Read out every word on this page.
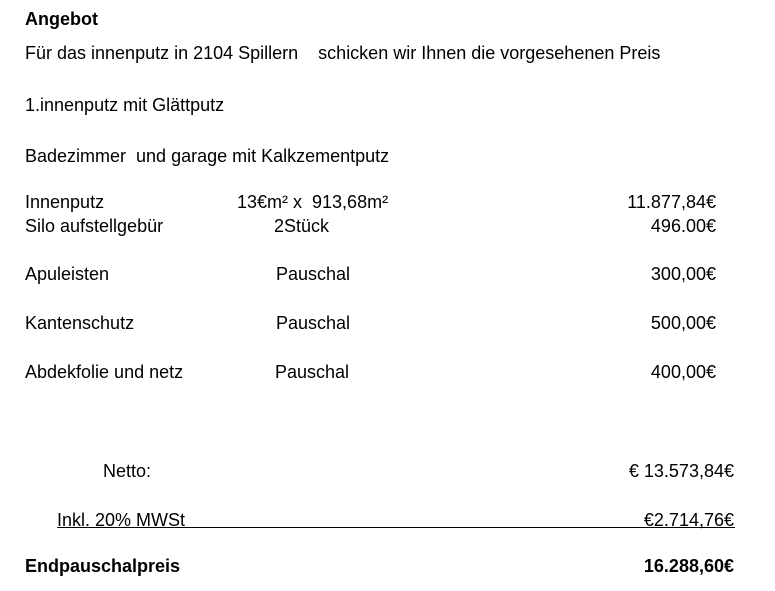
Angebot
Für das innenputz in 2104 Spillern    schicken wir Ihnen die vorgesehenen Preis
1.innenputz mit Glättputz
Badezimmer  und garage mit Kalkzementputz
Innenputz	13€m² x  913,68m²	11.877,84€
Silo aufstellgebür	2Stück	496.00€
Apuleisten	Pauschal	300,00€
Kantenschutz	Pauschal	500,00€
Abdekfolie und netz	Pauschal	400,00€
Netto:	€ 13.573,84€
Inkl. 20% MWSt	€2.714,76€
Endpauschalpreis	16.288,60€
